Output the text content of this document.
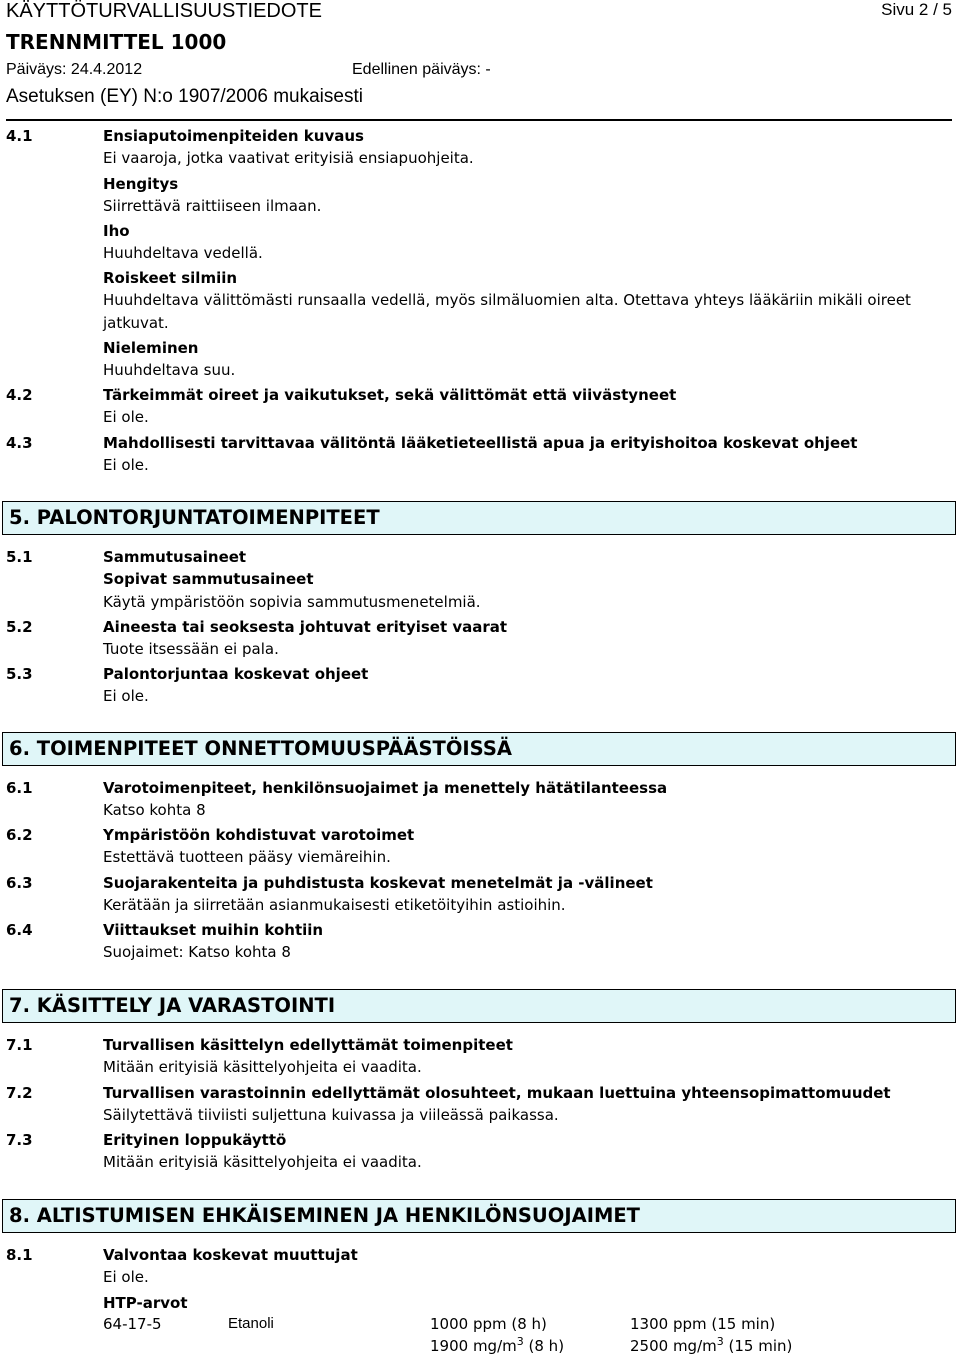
KÄYTTÖTURVALLISUUSTIEDOTE	Sivu 2 / 5
TRENNMITTEL 1000
Päiväys: 24.4.2012	Edellinen päiväys: -
Asetuksen (EY) N:o 1907/2006 mukaisesti
4.1	Ensiaputoimenpiteiden kuvaus
Ei vaaroja, jotka vaativat erityisiä ensiapuohjeita.
Hengitys
Siirrettävä raittiiseen ilmaan.
Iho
Huuhdeltava vedellä.
Roiskeet silmiin
Huuhdeltava välittömästi runsaalla vedellä, myös silmäluomien alta. Otettava yhteys lääkäriin mikäli oireet
jatkuvat.
Nieleminen
Huuhdeltava suu.
4.2	Tärkeimmät oireet ja vaikutukset, sekä välittömät että viivästyneet
Ei ole.
4.3	Mahdollisesti tarvittavaa välitöntä lääketieteellistä apua ja erityishoitoa koskevat ohjeet
Ei ole.
5. PALONTORJUNTATOIMENPITEET
5.1	Sammutusaineet
Sopivat sammutusaineet
Käytä ympäristöön sopivia sammutusmenetelmiä.
5.2	Aineesta tai seoksesta johtuvat erityiset vaarat
Tuote itsessään ei pala.
5.3	Palontorjuntaa koskevat ohjeet
Ei ole.
6. TOIMENPITEET ONNETTOMUUSPÄÄSTÖISSÄ
6.1	Varotoimenpiteet, henkilönsuojaimet ja menettely hätätilanteessa
Katso kohta 8
6.2	Ympäristöön kohdistuvat varotoimet
Estettävä tuotteen pääsy viemäreihin.
6.3	Suojarakenteita ja puhdistusta koskevat menetelmät ja -välineet
Kerätään ja siirretään asianmukaisesti etiketöityihin astioihin.
6.4	Viittaukset muihin kohtiin
Suojaimet: Katso kohta 8
7. KÄSITTELY JA VARASTOINTI
7.1	Turvallisen käsittelyn edellyttämät toimenpiteet
Mitään erityisiä käsittelyohjeita ei vaadita.
7.2	Turvallisen varastoinnin edellyttämät olosuhteet, mukaan luettuina yhteensopimattomuudet
Säilytettävä tiiviisti suljettuna kuivassa ja viileässä paikassa.
7.3	Erityinen loppukäyttö
Mitään erityisiä käsittelyohjeita ei vaadita.
8. ALTISTUMISEN EHKÄISEMINEN JA HENKILÖNSUOJAIMET
8.1	Valvontaa koskevat muuttujat
Ei ole.
HTP-arvot
64-17-5	Etanoli	1000 ppm (8 h)	1300 ppm (15 min)
1900 $mg/m^3$ (8 h)	2500 $mg/m^3$ (15 min)
